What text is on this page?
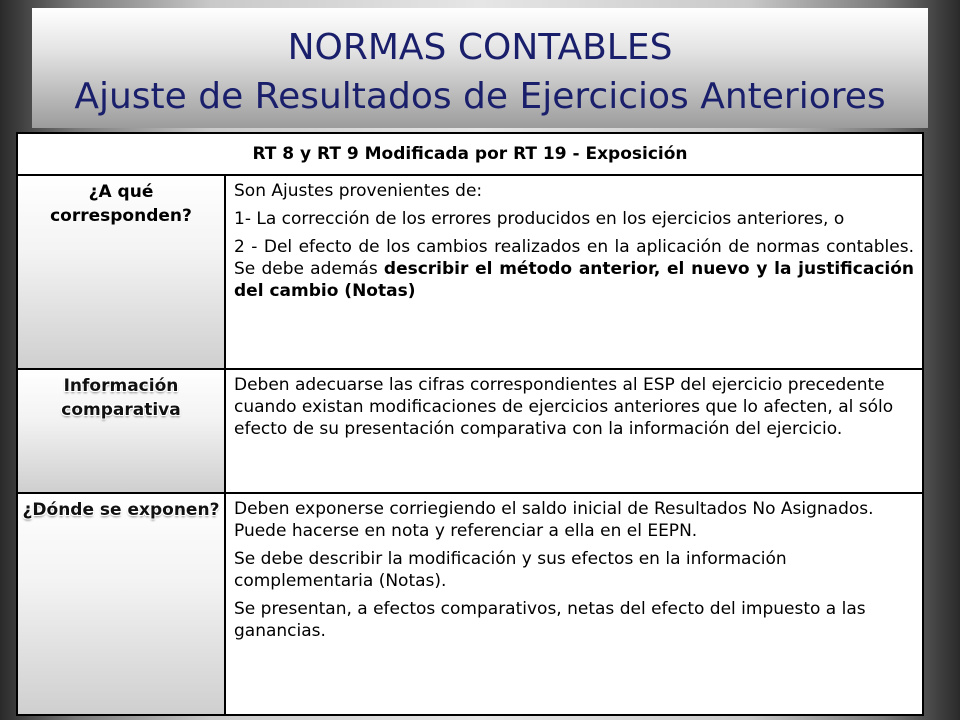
NORMAS CONTABLES
Ajuste de Resultados de Ejercicios Anteriores
RT 8 y RT 9 Modificada por RT 19 - Exposición
¿A qué corresponden?

Son Ajustes provenientes de:

1- La corrección de los errores producidos en los ejercicios anteriores, o

2 - Del efecto de los cambios realizados en la aplicación de normas contables. Se debe además describir el método anterior, el nuevo y la justificación del cambio (Notas)

Información comparativa

Deben adecuarse las cifras correspondientes al ESP del ejercicio precedente cuando existan modificaciones de ejercicios anteriores que lo afecten, al sólo efecto de su presentación comparativa con la información del ejercicio.

¿Dónde se exponen? Deben exponerse corriegiendo el saldo inicial de Resultados No Asignados. Puede hacerse en nota y referenciar a ella en el EEPN.

Se debe describir la modificación y sus efectos en la información complementaria (Notas).

Se presentan, a efectos comparativos, netas del efecto del impuesto a las ganancias.
